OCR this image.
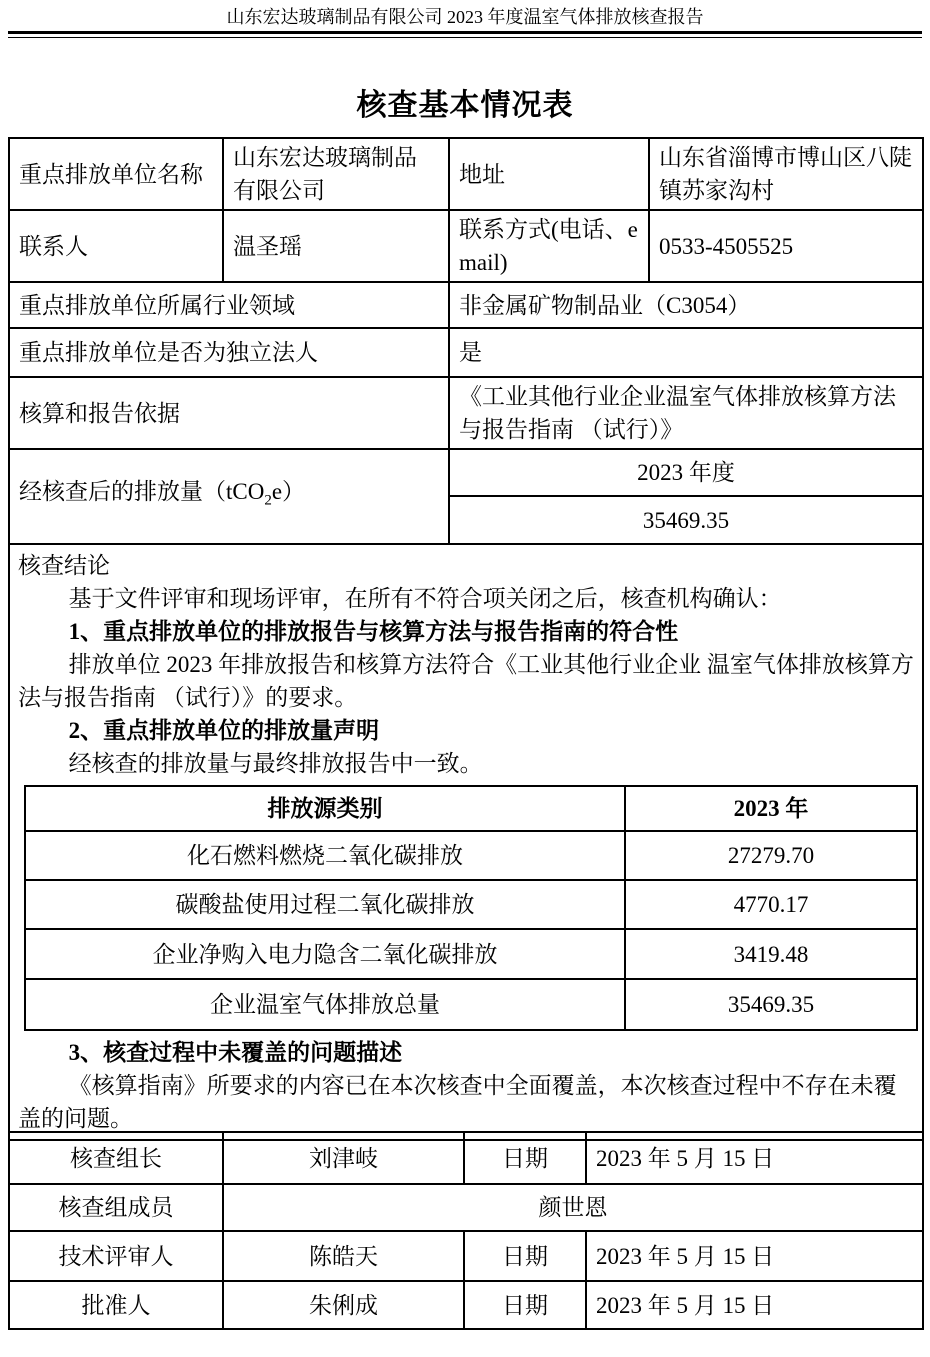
山东宏达玻璃制品有限公司 2023 年度温室气体排放核查报告
核查基本情况表
重点排放单位名称	山东宏达玻璃制品有限公司	地址	山东省淄博市博山区八陡镇苏家沟村
联系人	温圣瑶	联系方式(电话、email)	0533-4505525
重点排放单位所属行业领域	非金属矿物制品业（C3054）
重点排放单位是否为独立法人	是
核算和报告依据	《工业其他行业企业温室气体排放核算方法与报告指南 （试行）》
经核查后的排放量（tCO$_2$e）	2023 年度
35469.35

核查结论

基于文件评审和现场评审，在所有不符合项关闭之后，核查机构确认：

1、重点排放单位的排放报告与核算方法与报告指南的符合性

排放单位 2023 年排放报告和核算方法符合《工业其他行业企业 温室气体排放核算方法与报告指南 （试行）》的要求。

2、重点排放单位的排放量声明

经核查的排放量与最终排放报告中一致。

排放源类别	2023 年
化石燃料燃烧二氧化碳排放	27279.70
碳酸盐使用过程二氧化碳排放	4770.17
企业净购入电力隐含二氧化碳排放	3419.48
企业温室气体排放总量	35469.35

3、核查过程中未覆盖的问题描述

《核算指南》所要求的内容已在本次核查中全面覆盖，本次核查过程中不存在未覆盖的问题。

核查组长	刘津岐	日期	2023 年 5 月 15 日
核查组成员	颜世恩		
技术评审人	陈皓天	日期	2023 年 5 月 15 日
批准人	朱俐成	日期	2023 年 5 月 15 日
